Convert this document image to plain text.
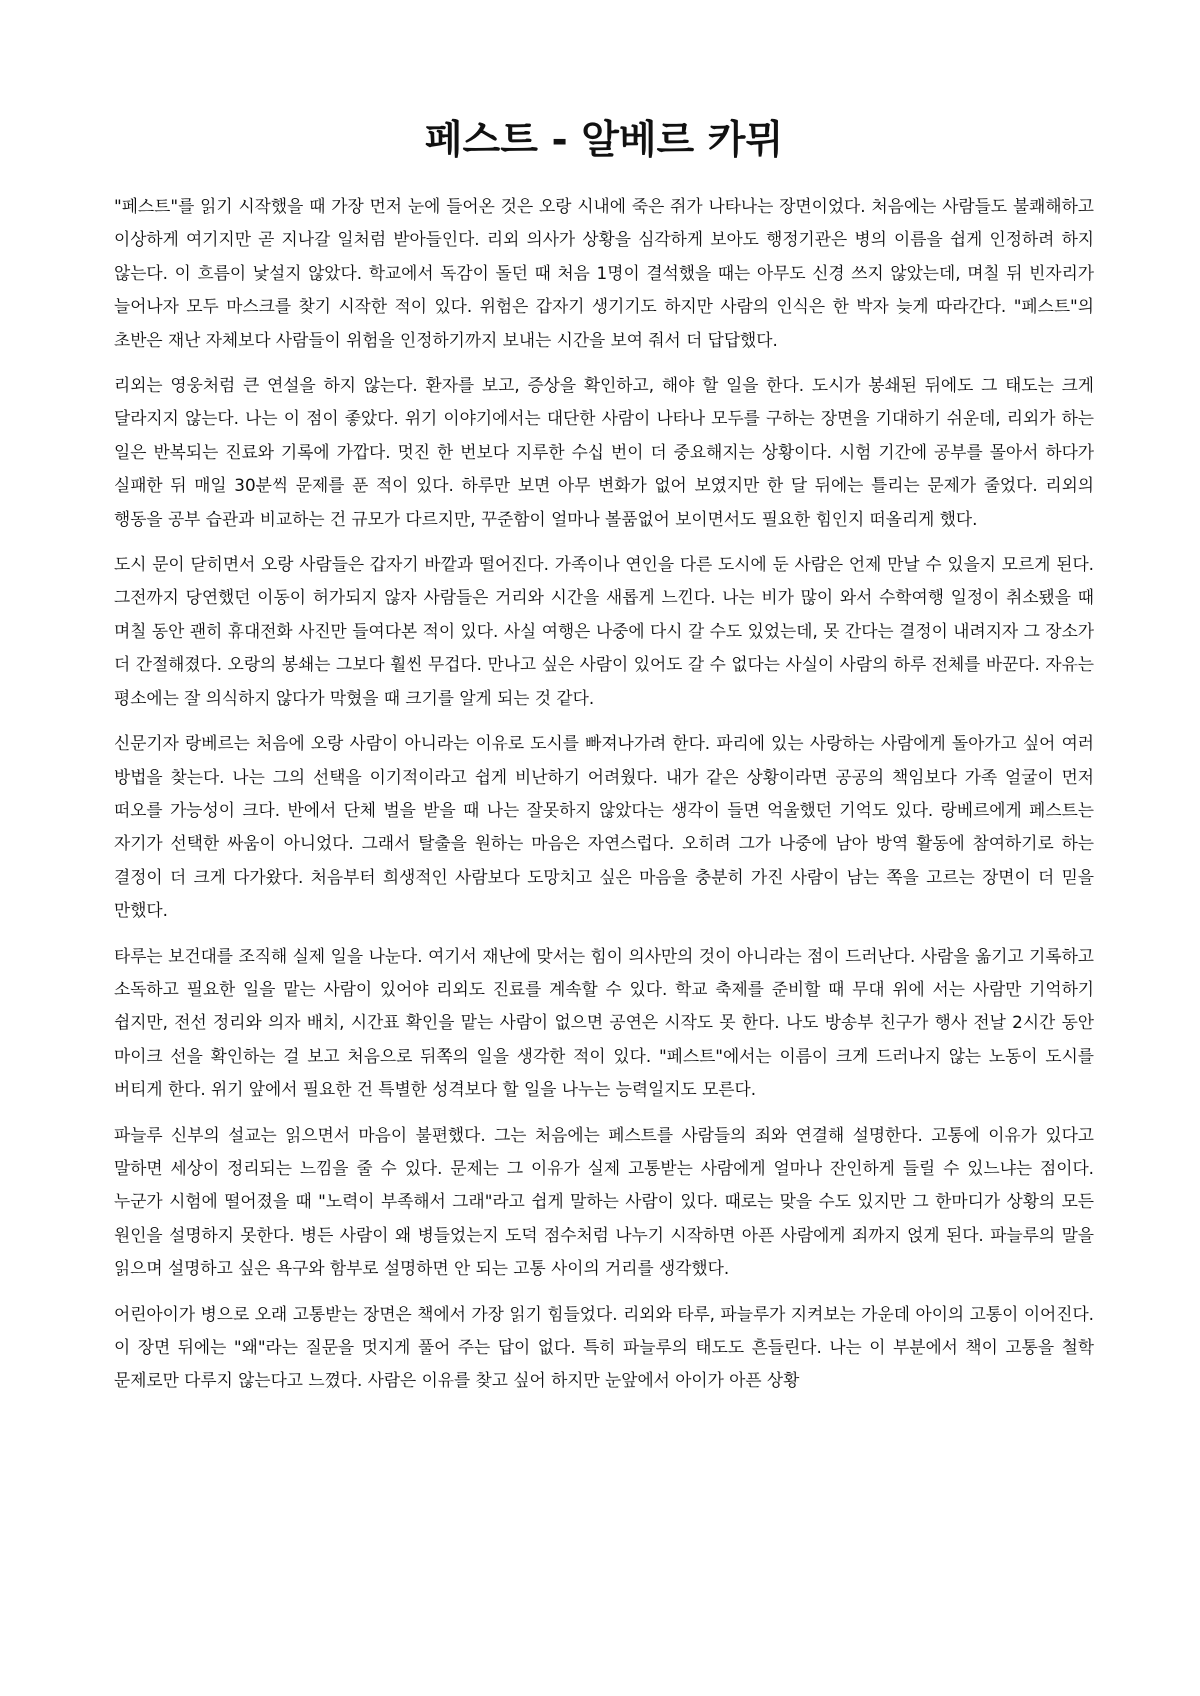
페스트 - 알베르 카뮈

"페스트"를 읽기 시작했을 때 가장 먼저 눈에 들어온 것은 오랑 시내에 죽은 쥐가 나타나는 장면이었다. 처음에는 사람들도 불쾌해하고 이상하게 여기지만 곧 지나갈 일처럼 받아들인다. 리외 의사가 상황을 심각하게 보아도 행정기관은 병의 이름을 쉽게 인정하려 하지 않는다. 이 흐름이 낯설지 않았다. 학교에서 독감이 돌던 때 처음 1명이 결석했을 때는 아무도 신경 쓰지 않았는데, 며칠 뒤 빈자리가 늘어나자 모두 마스크를 찾기 시작한 적이 있다. 위험은 갑자기 생기기도 하지만 사람의 인식은 한 박자 늦게 따라간다. "페스트"의 초반은 재난 자체보다 사람들이 위험을 인정하기까지 보내는 시간을 보여 줘서 더 답답했다.

리외는 영웅처럼 큰 연설을 하지 않는다. 환자를 보고, 증상을 확인하고, 해야 할 일을 한다. 도시가 봉쇄된 뒤에도 그 태도는 크게 달라지지 않는다. 나는 이 점이 좋았다. 위기 이야기에서는 대단한 사람이 나타나 모두를 구하는 장면을 기대하기 쉬운데, 리외가 하는 일은 반복되는 진료와 기록에 가깝다. 멋진 한 번보다 지루한 수십 번이 더 중요해지는 상황이다. 시험 기간에 공부를 몰아서 하다가 실패한 뒤 매일 30분씩 문제를 푼 적이 있다. 하루만 보면 아무 변화가 없어 보였지만 한 달 뒤에는 틀리는 문제가 줄었다. 리외의 행동을 공부 습관과 비교하는 건 규모가 다르지만, 꾸준함이 얼마나 볼품없어 보이면서도 필요한 힘인지 떠올리게 했다.

도시 문이 닫히면서 오랑 사람들은 갑자기 바깥과 떨어진다. 가족이나 연인을 다른 도시에 둔 사람은 언제 만날 수 있을지 모르게 된다. 그전까지 당연했던 이동이 허가되지 않자 사람들은 거리와 시간을 새롭게 느낀다. 나는 비가 많이 와서 수학여행 일정이 취소됐을 때 며칠 동안 괜히 휴대전화 사진만 들여다본 적이 있다. 사실 여행은 나중에 다시 갈 수도 있었는데, 못 간다는 결정이 내려지자 그 장소가 더 간절해졌다. 오랑의 봉쇄는 그보다 훨씬 무겁다. 만나고 싶은 사람이 있어도 갈 수 없다는 사실이 사람의 하루 전체를 바꾼다. 자유는 평소에는 잘 의식하지 않다가 막혔을 때 크기를 알게 되는 것 같다.

신문기자 랑베르는 처음에 오랑 사람이 아니라는 이유로 도시를 빠져나가려 한다. 파리에 있는 사랑하는 사람에게 돌아가고 싶어 여러 방법을 찾는다. 나는 그의 선택을 이기적이라고 쉽게 비난하기 어려웠다. 내가 같은 상황이라면 공공의 책임보다 가족 얼굴이 먼저 떠오를 가능성이 크다. 반에서 단체 벌을 받을 때 나는 잘못하지 않았다는 생각이 들면 억울했던 기억도 있다. 랑베르에게 페스트는 자기가 선택한 싸움이 아니었다. 그래서 탈출을 원하는 마음은 자연스럽다. 오히려 그가 나중에 남아 방역 활동에 참여하기로 하는 결정이 더 크게 다가왔다. 처음부터 희생적인 사람보다 도망치고 싶은 마음을 충분히 가진 사람이 남는 쪽을 고르는 장면이 더 믿을 만했다.

타루는 보건대를 조직해 실제 일을 나눈다. 여기서 재난에 맞서는 힘이 의사만의 것이 아니라는 점이 드러난다. 사람을 옮기고 기록하고 소독하고 필요한 일을 맡는 사람이 있어야 리외도 진료를 계속할 수 있다. 학교 축제를 준비할 때 무대 위에 서는 사람만 기억하기 쉽지만, 전선 정리와 의자 배치, 시간표 확인을 맡는 사람이 없으면 공연은 시작도 못 한다. 나도 방송부 친구가 행사 전날 2시간 동안 마이크 선을 확인하는 걸 보고 처음으로 뒤쪽의 일을 생각한 적이 있다. "페스트"에서는 이름이 크게 드러나지 않는 노동이 도시를 버티게 한다. 위기 앞에서 필요한 건 특별한 성격보다 할 일을 나누는 능력일지도 모른다.

파늘루 신부의 설교는 읽으면서 마음이 불편했다. 그는 처음에는 페스트를 사람들의 죄와 연결해 설명한다. 고통에 이유가 있다고 말하면 세상이 정리되는 느낌을 줄 수 있다. 문제는 그 이유가 실제 고통받는 사람에게 얼마나 잔인하게 들릴 수 있느냐는 점이다. 누군가 시험에 떨어졌을 때 "노력이 부족해서 그래"라고 쉽게 말하는 사람이 있다. 때로는 맞을 수도 있지만 그 한마디가 상황의 모든 원인을 설명하지 못한다. 병든 사람이 왜 병들었는지 도덕 점수처럼 나누기 시작하면 아픈 사람에게 죄까지 얹게 된다. 파늘루의 말을 읽으며 설명하고 싶은 욕구와 함부로 설명하면 안 되는 고통 사이의 거리를 생각했다.

어린아이가 병으로 오래 고통받는 장면은 책에서 가장 읽기 힘들었다. 리외와 타루, 파늘루가 지켜보는 가운데 아이의 고통이 이어진다. 이 장면 뒤에는 "왜"라는 질문을 멋지게 풀어 주는 답이 없다. 특히 파늘루의 태도도 흔들린다. 나는 이 부분에서 책이 고통을 철학 문제로만 다루지 않는다고 느꼈다. 사람은 이유를 찾고 싶어 하지만 눈앞에서 아이가 아픈 상황
